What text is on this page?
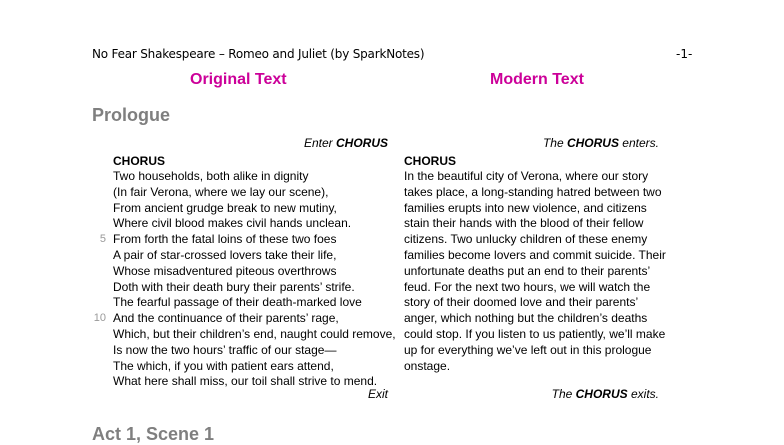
No Fear Shakespeare – Romeo and Juliet (by SparkNotes)	-1-
Original Text	Modern Text
Prologue
Enter CHORUS	The CHORUS enters.
CHORUS	CHORUS
Two households, both alike in dignity
(In fair Verona, where we lay our scene),
From ancient grudge break to new mutiny,
Where civil blood makes civil hands unclean.
From forth the fatal loins of these two foes
A pair of star-crossed lovers take their life,
Whose misadventured piteous overthrows
Doth with their death bury their parents’ strife.
The fearful passage of their death-marked love
And the continuance of their parents’ rage,
Which, but their children’s end, naught could remove,
Is now the two hours’ traffic of our stage—
The which, if you with patient ears attend,
What here shall miss, our toil shall strive to mend.
5
10
In the beautiful city of Verona, where our story
takes place, a long-standing hatred between two
families erupts into new violence, and citizens
stain their hands with the blood of their fellow
citizens. Two unlucky children of these enemy
families become lovers and commit suicide. Their
unfortunate deaths put an end to their parents’
feud. For the next two hours, we will watch the
story of their doomed love and their parents’
anger, which nothing but the children’s deaths
could stop. If you listen to us patiently, we’ll make
up for everything we’ve left out in this prologue
onstage.
Exit	The CHORUS exits.
Act 1, Scene 1
